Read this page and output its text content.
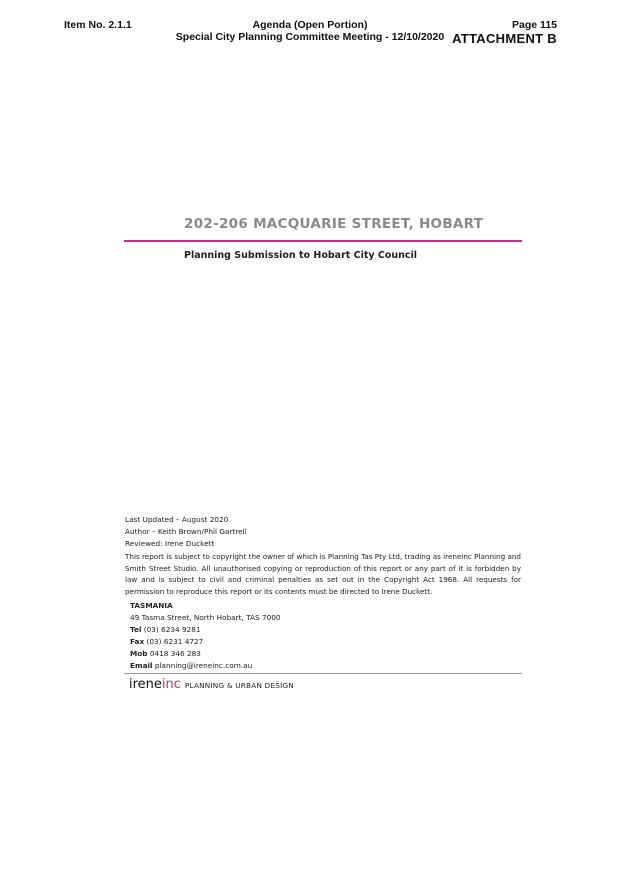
Item No. 2.1.1	Agenda (Open Portion)
Special City Planning Committee Meeting - 12/10/2020
Page 115
ATTACHMENT B
202-206 MACQUARIE STREET, HOBART
Planning Submission to Hobart City Council
Last Updated – August 2020
Author – Keith Brown/Phil Gartrell
Reviewed: Irene Duckett
This report is subject to copyright the owner of which is Planning Tas Pty Ltd, trading as ireneinc Planning and Smith Street Studio. All unauthorised copying or reproduction of this report or any part of it is forbidden by law and is subject to civil and criminal penalties as set out in the Copyright Act 1968. All requests for permission to reproduce this report or its contents must be directed to Irene Duckett.
TASMANIA
49 Tasma Street, North Hobart, TAS 7000
Tel (03) 6234 9281
Fax (03) 6231 4727
Mob 0418 346 283
Email planning@ireneinc.com.au
ireneinc PLANNING & URBAN DESIGN
